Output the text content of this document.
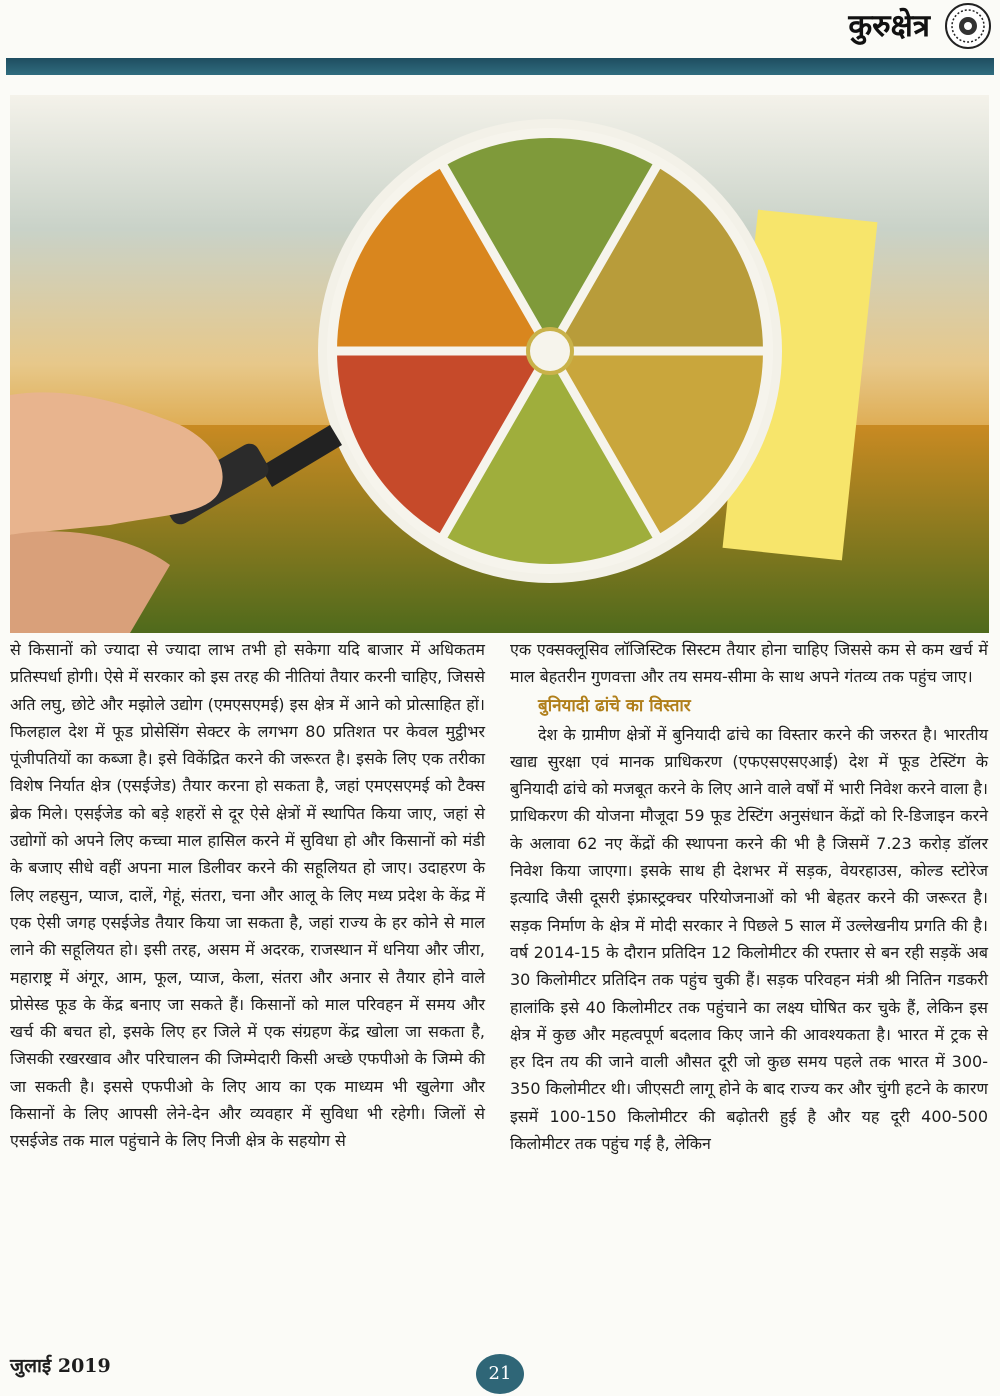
कुरुक्षेत्र

से किसानों को ज्यादा से ज्यादा लाभ तभी हो सकेगा यदि बाजार में अधिकतम प्रतिस्पर्धा होगी। ऐसे में सरकार को इस तरह की नीतियां तैयार करनी चाहिए, जिससे अति लघु, छोटे और मझोले उद्योग (एमएसएमई) इस क्षेत्र में आने को प्रोत्साहित हों। फिलहाल देश में फूड प्रोसेसिंग सेक्टर के लगभग 80 प्रतिशत पर केवल मुट्ठीभर पूंजीपतियों का कब्जा है। इसे विकेंद्रित करने की जरूरत है। इसके लिए एक तरीका विशेष निर्यात क्षेत्र (एसईजेड) तैयार करना हो सकता है, जहां एमएसएमई को टैक्स ब्रेक मिले। एसईजेड को बड़े शहरों से दूर ऐसे क्षेत्रों में स्थापित किया जाए, जहां से उद्योगों को अपने लिए कच्चा माल हासिल करने में सुविधा हो और किसानों को मंडी के बजाए सीधे वहीं अपना माल डिलीवर करने की सहूलियत हो जाए। उदाहरण के लिए लहसुन, प्याज, दालें, गेहूं, संतरा, चना और आलू के लिए मध्य प्रदेश के केंद्र में एक ऐसी जगह एसईजेड तैयार किया जा सकता है, जहां राज्य के हर कोने से माल लाने की सहूलियत हो। इसी तरह, असम में अदरक, राजस्थान में धनिया और जीरा, महाराष्ट्र में अंगूर, आम, फूल, प्याज, केला, संतरा और अनार से तैयार होने वाले प्रोसेस्ड फूड के केंद्र बनाए जा सकते हैं। किसानों को माल परिवहन में समय और खर्च की बचत हो, इसके लिए हर जिले में एक संग्रहण केंद्र खोला जा सकता है, जिसकी रखरखाव और परिचालन की जिम्मेदारी किसी अच्छे एफपीओ के जिम्मे की जा सकती है। इससे एफपीओ के लिए आय का एक माध्यम भी खुलेगा और किसानों के लिए आपसी लेने-देन और व्यवहार में सुविधा भी रहेगी। जिलों से एसईजेड तक माल पहुंचाने के लिए निजी क्षेत्र के सहयोग से

एक एक्सक्लूसिव लॉजिस्टिक सिस्टम तैयार होना चाहिए जिससे कम से कम खर्च में माल बेहतरीन गुणवत्ता और तय समय-सीमा के साथ अपने गंतव्य तक पहुंच जाए।

बुनियादी ढांचे का विस्तार

देश के ग्रामीण क्षेत्रों में बुनियादी ढांचे का विस्तार करने की जरुरत है। भारतीय खाद्य सुरक्षा एवं मानक प्राधिकरण (एफएसएसएआई) देश में फूड टेस्टिंग के बुनियादी ढांचे को मजबूत करने के लिए आने वाले वर्षों में भारी निवेश करने वाला है। प्राधिकरण की योजना मौजूदा 59 फूड टेस्टिंग अनुसंधान केंद्रों को रि-डिजाइन करने के अलावा 62 नए केंद्रों की स्थापना करने की भी है जिसमें 7.23 करोड़ डॉलर निवेश किया जाएगा। इसके साथ ही देशभर में सड़क, वेयरहाउस, कोल्ड स्टोरेज इत्यादि जैसी दूसरी इंफ्रास्ट्रक्चर परियोजनाओं को भी बेहतर करने की जरूरत है। सड़क निर्माण के क्षेत्र में मोदी सरकार ने पिछले 5 साल में उल्लेखनीय प्रगति की है। वर्ष 2014-15 के दौरान प्रतिदिन 12 किलोमीटर की रफ्तार से बन रही सड़कें अब 30 किलोमीटर प्रतिदिन तक पहुंच चुकी हैं। सड़क परिवहन मंत्री श्री नितिन गडकरी हालांकि इसे 40 किलोमीटर तक पहुंचाने का लक्ष्य घोषित कर चुके हैं, लेकिन इस क्षेत्र में कुछ और महत्वपूर्ण बदलाव किए जाने की आवश्यकता है। भारत में ट्रक से हर दिन तय की जाने वाली औसत दूरी जो कुछ समय पहले तक भारत में 300-350 किलोमीटर थी। जीएसटी लागू होने के बाद राज्य कर और चुंगी हटने के कारण इसमें 100-150 किलोमीटर की बढ़ोतरी हुई है और यह दूरी 400-500 किलोमीटर तक पहुंच गई है, लेकिन

जुलाई 2019	21
